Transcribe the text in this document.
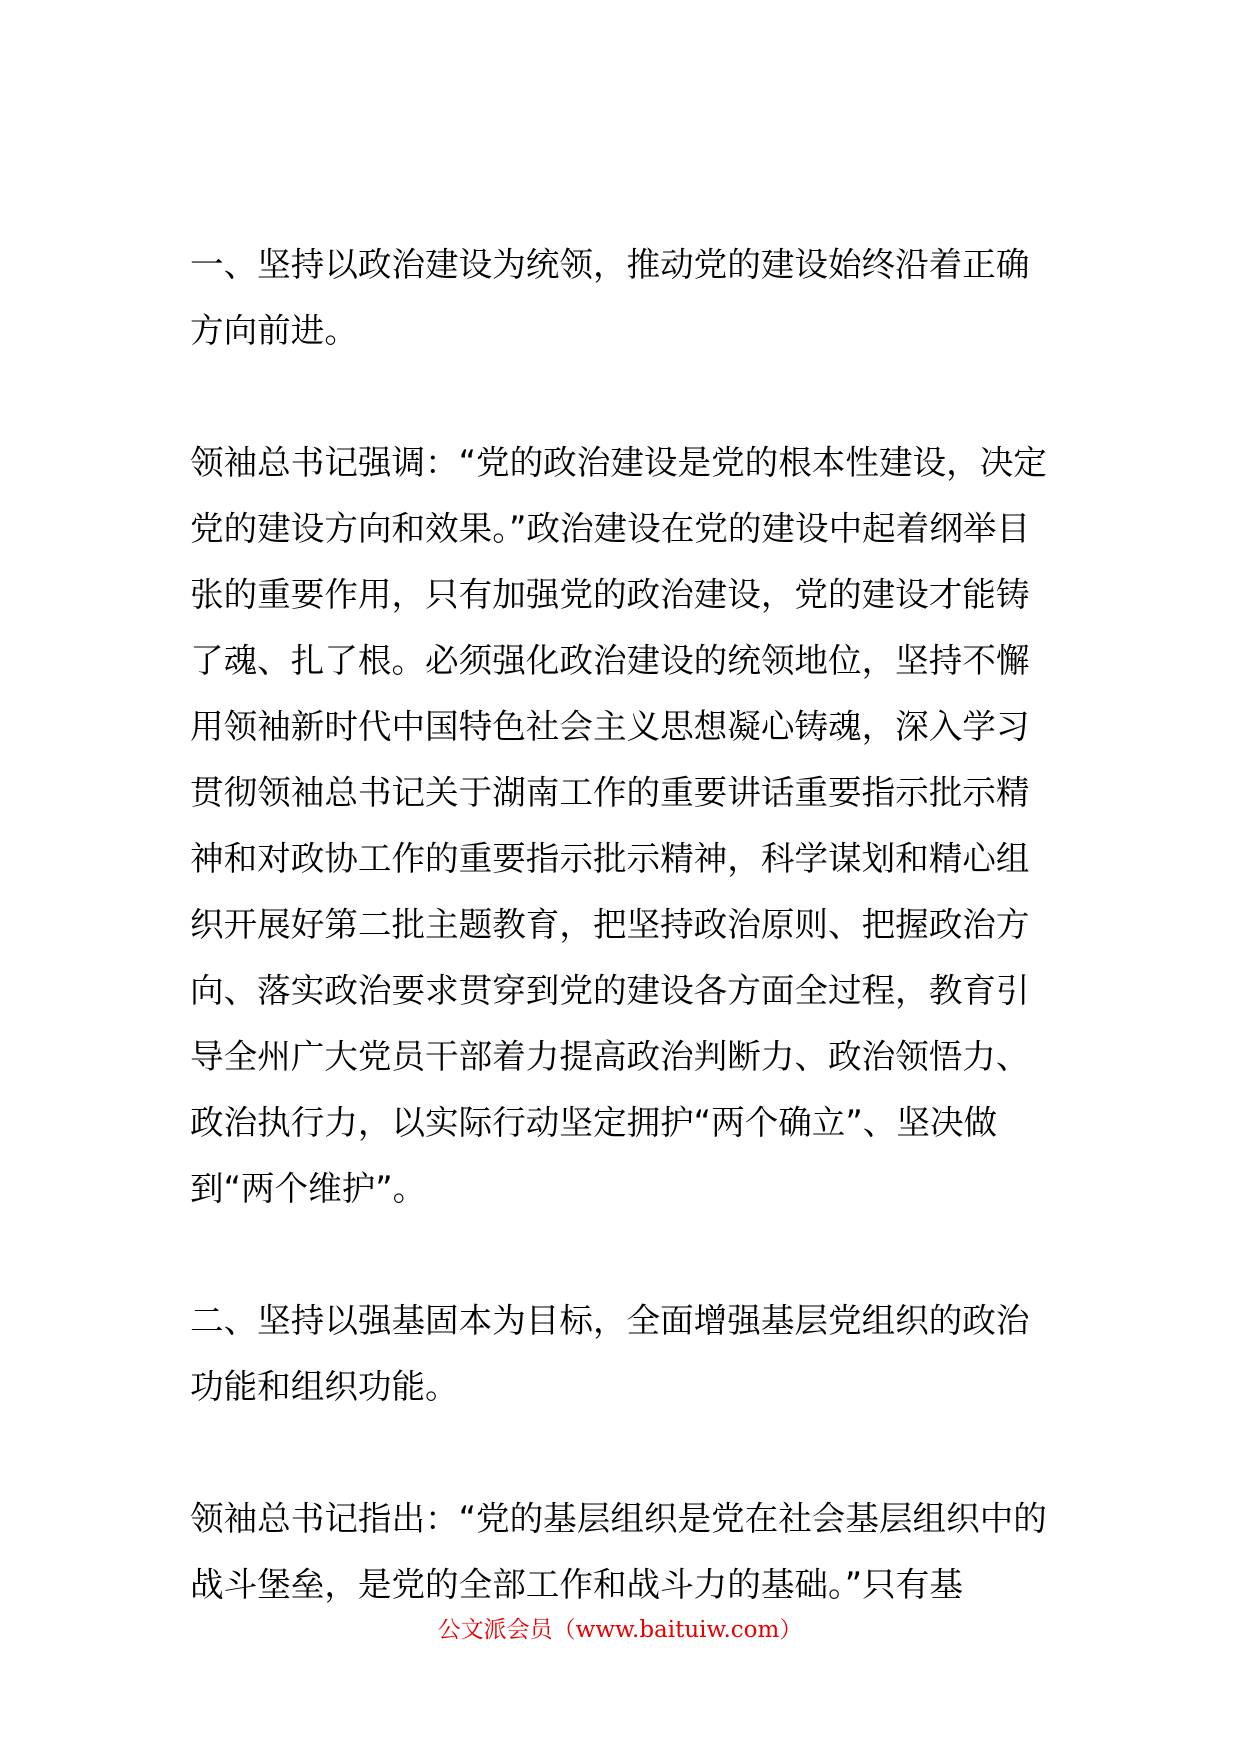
一、坚持以政治建设为统领，推动党的建设始终沿着正确方向前进。

领袖总书记强调：“党的政治建设是党的根本性建设，决定党的建设方向和效果。”政治建设在党的建设中起着纲举目张的重要作用，只有加强党的政治建设，党的建设才能铸了魂、扎了根。必须强化政治建设的统领地位，坚持不懈用领袖新时代中国特色社会主义思想凝心铸魂，深入学习贯彻领袖总书记关于湖南工作的重要讲话重要指示批示精神和对政协工作的重要指示批示精神，科学谋划和精心组织开展好第二批主题教育，把坚持政治原则、把握政治方向、落实政治要求贯穿到党的建设各方面全过程，教育引导全州广大党员干部着力提高政治判断力、政治领悟力、政治执行力，以实际行动坚定拥护“两个确立”、坚决做到“两个维护”。

二、坚持以强基固本为目标，全面增强基层党组织的政治功能和组织功能。

领袖总书记指出：“党的基层组织是党在社会基层组织中的战斗堡垒，是党的全部工作和战斗力的基础。”只有基

公文派会员（www.baituiw.com）
